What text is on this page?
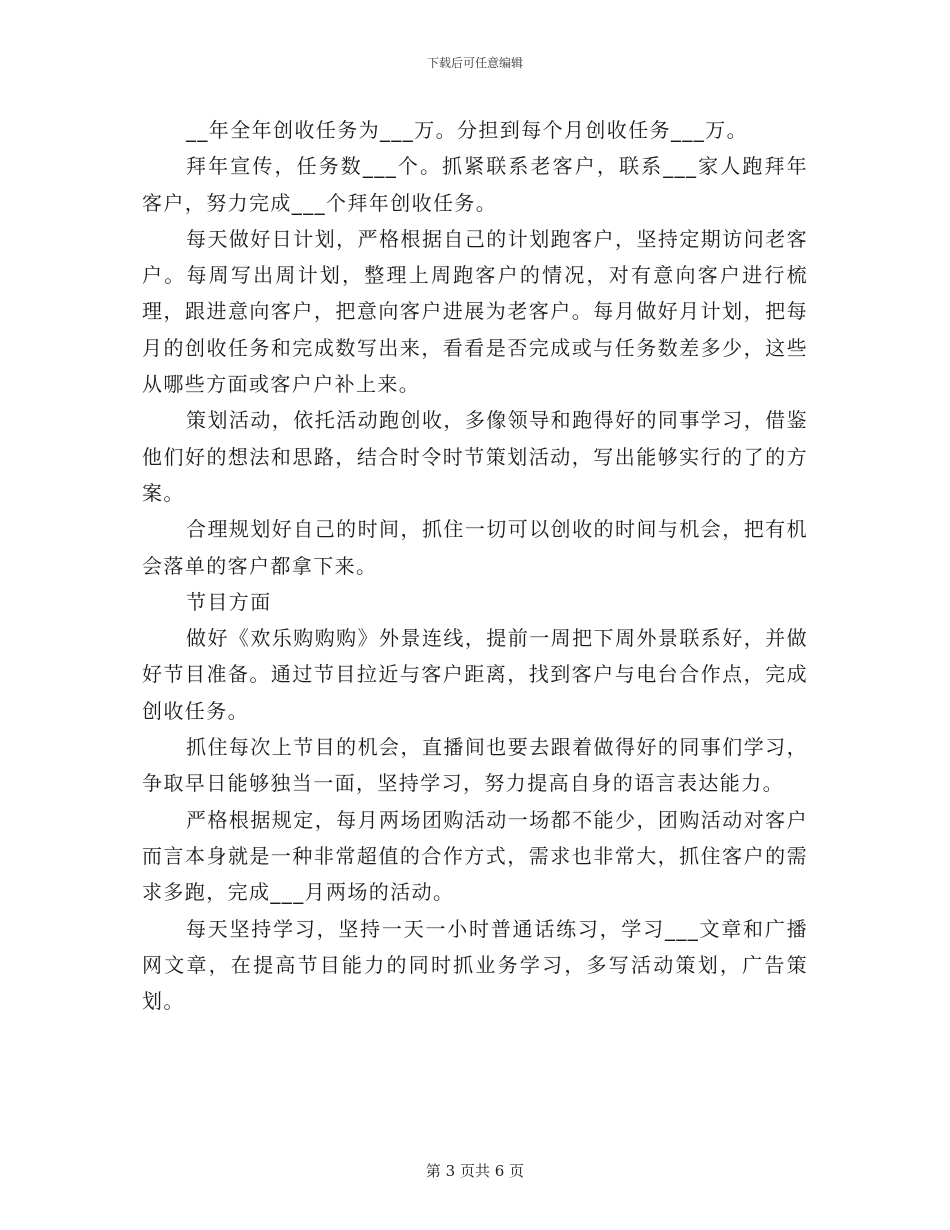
下载后可任意编辑

__年全年创收任务为___万。分担到每个月创收任务___万。

拜年宣传，任务数___个。抓紧联系老客户，联系___家人跑拜年客户，努力完成___个拜年创收任务。

每天做好日计划，严格根据自己的计划跑客户，坚持定期访问老客户。每周写出周计划，整理上周跑客户的情况，对有意向客户进行梳理，跟进意向客户，把意向客户进展为老客户。每月做好月计划，把每月的创收任务和完成数写出来，看看是否完成或与任务数差多少，这些从哪些方面或客户户补上来。

策划活动，依托活动跑创收，多像领导和跑得好的同事学习，借鉴他们好的想法和思路，结合时令时节策划活动，写出能够实行的了的方案。

合理规划好自己的时间，抓住一切可以创收的时间与机会，把有机会落单的客户都拿下来。

节目方面

做好《欢乐购购购》外景连线，提前一周把下周外景联系好，并做好节目准备。通过节目拉近与客户距离，找到客户与电台合作点，完成创收任务。

抓住每次上节目的机会，直播间也要去跟着做得好的同事们学习，争取早日能够独当一面，坚持学习，努力提高自身的语言表达能力。

严格根据规定，每月两场团购活动一场都不能少，团购活动对客户而言本身就是一种非常超值的合作方式，需求也非常大，抓住客户的需求多跑，完成___月两场的活动。

每天坚持学习，坚持一天一小时普通话练习，学习___文章和广播网文章，在提高节目能力的同时抓业务学习，多写活动策划，广告策划。

第 3 页共 6 页
